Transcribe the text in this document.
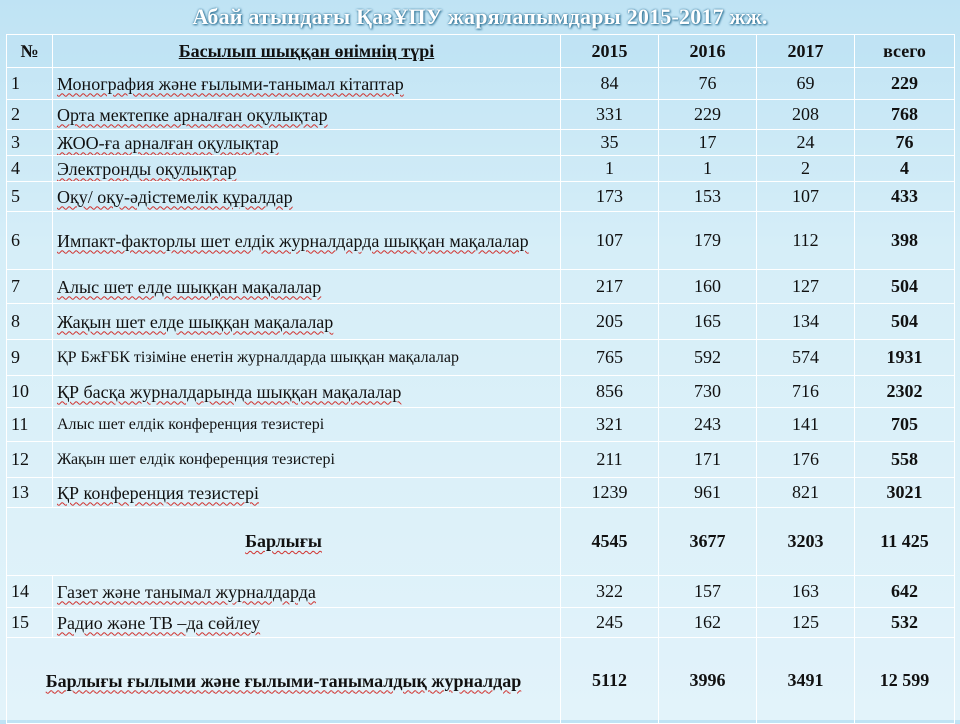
Абай атындағы ҚазҰПУ жарялапымдары 2015-2017 жж.
№	Басылып шыққан өнімнің түрі	2015	2016	2017	всего
1	Монография және ғылыми-танымал кітаптар	84	76	69	229
2	Орта мектепке арналған оқулықтар	331	229	208	768
3	ЖОО-ға арналған оқулықтар	35	17	24	76
4	Электронды оқулықтар	1	1	2	4
5	Оқу/ оқу-әдістемелік құралдар	173	153	107	433
6	Импакт-факторлы шет елдік журналдарда шыққан мақалалар	107	179	112	398
7	Алыс шет елде шыққан мақалалар	217	160	127	504
8	Жақын шет елде шыққан мақалалар	205	165	134	504
9	ҚР БжҒБК тізіміне енетін журналдарда шыққан мақалалар	765	592	574	1931
10	ҚР басқа журналдарында шыққан мақалалар	856	730	716	2302
11	Алыс шет елдік конференция тезистері	321	243	141	705
12	Жақын шет елдік конференция тезистері	211	171	176	558
13	ҚР конференция тезистері	1239	961	821	3021
Барлығы		4545	3677	3203	11 425
14	Газет және танымал журналдарда	322	157	163	642
15	Радио және ТВ –да сөйлеу	245	162	125	532
Барлығы ғылыми және ғылыми-танымалдық журналдар		5112	3996	3491	12 599
